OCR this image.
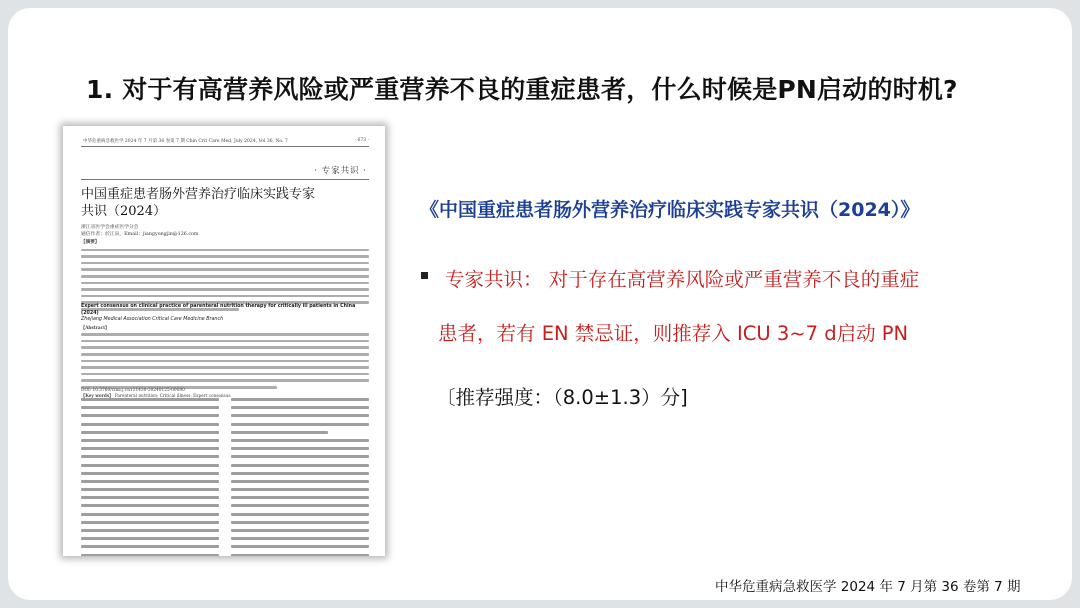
1. 对于有高营养风险或严重营养不良的重症患者，什么时候是PN启动的时机?
中华危重病急救医学 2024 年 7 月第 36 卷第 7 期 Chin Crit Care Med, July 2024, Vol 36, No. 7	· 673 ·
· 专家共识 ·
中国重症患者肠外营养治疗临床实践专家共识（2024）
浙江省医学会重症医学分会
通信作者：於江泉，Email：jiangyongjin@126.com
【摘要】
Expert consensus on clinical practice of parenteral nutrition therapy for critically ill patients in China (2024)
Zhejiang Medical Association Critical Care Medicine Branch
【Abstract】
【Key words】 Parenteral nutrition; Critical illness; Expert consensus
DOI: 10.3760/cma.j.cn121430-20240125-00080
《中国重症患者肠外营养治疗临床实践专家共识（2024）》
专家共识： 对于存在高营养风险或严重营养不良的重症
患者，若有 EN 禁忌证，则推荐入 ICU 3~7 d启动 PN
〔推荐强度：（8.0±1.3）分]
中华危重病急救医学 2024 年 7 月第 36 卷第 7 期
